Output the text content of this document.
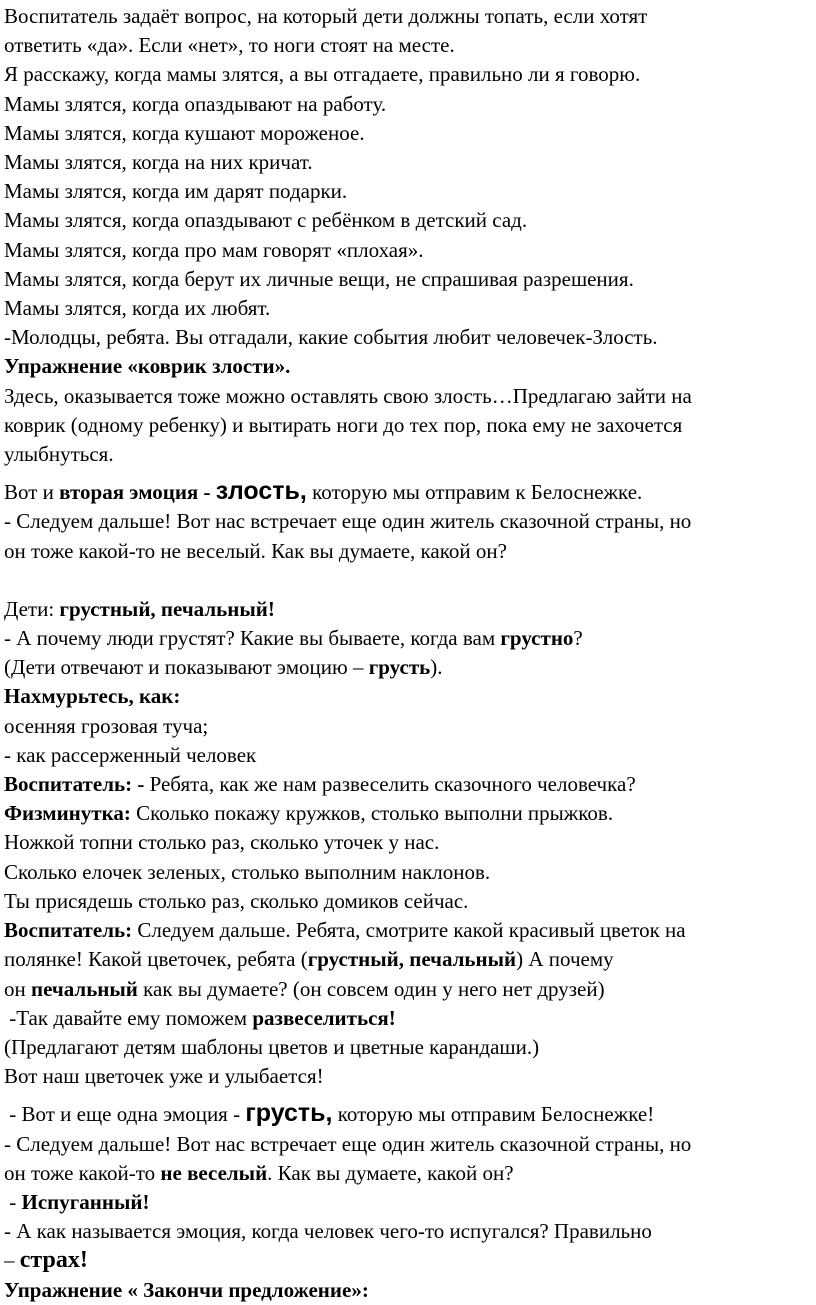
Воспитатель задаёт вопрос, на который дети должны топать, если хотят
ответить «да». Если «нет», то ноги стоят на месте.
Я расскажу, когда мамы злятся, а вы отгадаете, правильно ли я говорю.
Мамы злятся, когда опаздывают на работу.
Мамы злятся, когда кушают мороженое.
Мамы злятся, когда на них кричат.
Мамы злятся, когда им дарят подарки.
Мамы злятся, когда опаздывают с ребёнком в детский сад.
Мамы злятся, когда про мам говорят «плохая».
Мамы злятся, когда берут их личные вещи, не спрашивая разрешения.
Мамы злятся, когда их любят.
-Молодцы, ребята. Вы отгадали, какие события любит человечек-Злость.
Упражнение «коврик злости».
Здесь, оказывается тоже можно оставлять свою злость…Предлагаю зайти на
коврик (одному ребенку) и вытирать ноги до тех пор, пока ему не захочется
улыбнуться.
Вот и вторая эмоция - злость, которую мы отправим к Белоснежке.
- Следуем дальше! Вот нас встречает еще один житель сказочной страны, но
он тоже какой-то не веселый. Как вы думаете, какой он?
Дети: грустный, печальный!
- А почему люди грустят? Какие вы бываете, когда вам грустно?
(Дети отвечают и показывают эмоцию – грусть).
Нахмурьтесь, как:
осенняя грозовая туча;
- как рассерженный человек
Воспитатель: - Ребята, как же нам развеселить сказочного человечка?
Физминутка: Сколько покажу кружков, столько выполни прыжков.
Ножкой топни столько раз, сколько уточек у нас.
Сколько елочек зеленых, столько выполним наклонов.
Ты присядешь столько раз, сколько домиков сейчас.
Воспитатель: Следуем дальше. Ребята, смотрите какой красивый цветок на
полянке! Какой цветочек, ребята (грустный, печальный) А почему
он печальный как вы думаете? (он совсем один у него нет друзей)
-Так давайте ему поможем развеселиться!
(Предлагают детям шаблоны цветов и цветные карандаши.)
Вот наш цветочек уже и улыбается!
- Вот и еще одна эмоция - грусть, которую мы отправим Белоснежке!
- Следуем дальше! Вот нас встречает еще один житель сказочной страны, но
он тоже какой-то не веселый. Как вы думаете, какой он?
- Испуганный!
- А как называется эмоция, когда человек чего-то испугался? Правильно
– страх!
Упражнение « Закончи предложение»:
